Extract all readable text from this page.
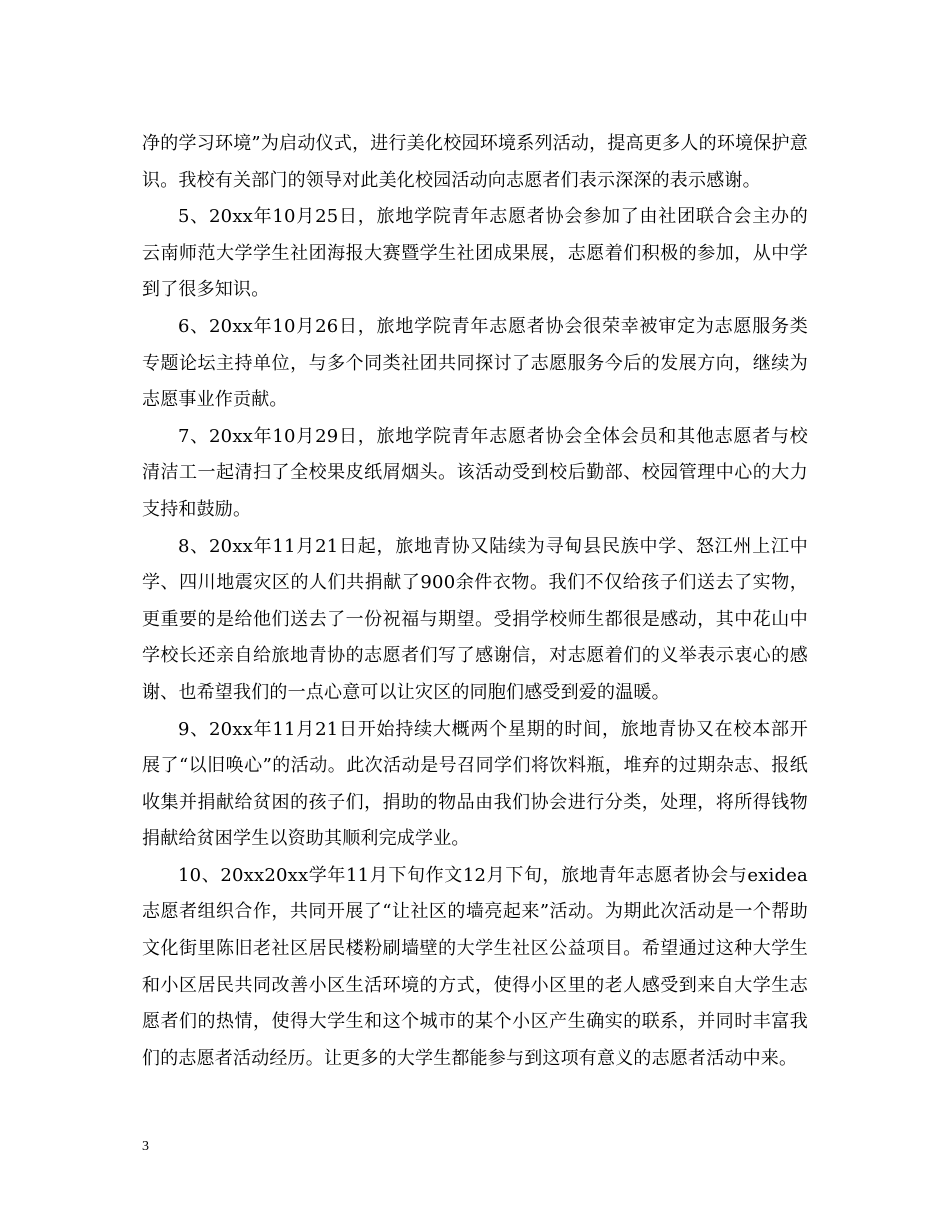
净的学习环境”为启动仪式，进行美化校园环境系列活动，提高更多人的环境保护意识。我校有关部门的领导对此美化校园活动向志愿者们表示深深的表示感谢。

5、20xx年10月25日，旅地学院青年志愿者协会参加了由社团联合会主办的云南师范大学学生社团海报大赛暨学生社团成果展，志愿着们积极的参加，从中学到了很多知识。

6、20xx年10月26日，旅地学院青年志愿者协会很荣幸被审定为志愿服务类专题论坛主持单位，与多个同类社团共同探讨了志愿服务今后的发展方向，继续为志愿事业作贡献。

7、20xx年10月29日，旅地学院青年志愿者协会全体会员和其他志愿者与校清洁工一起清扫了全校果皮纸屑烟头。该活动受到校后勤部、校园管理中心的大力支持和鼓励。

8、20xx年11月21日起，旅地青协又陆续为寻甸县民族中学、怒江州上江中学、四川地震灾区的人们共捐献了900余件衣物。我们不仅给孩子们送去了实物，更重要的是给他们送去了一份祝福与期望。受捐学校师生都很是感动，其中花山中学校长还亲自给旅地青协的志愿者们写了感谢信，对志愿着们的义举表示衷心的感谢、也希望我们的一点心意可以让灾区的同胞们感受到爱的温暖。

9、20xx年11月21日开始持续大概两个星期的时间，旅地青协又在校本部开展了“以旧唤心”的活动。此次活动是号召同学们将饮料瓶，堆弃的过期杂志、报纸收集并捐献给贫困的孩子们，捐助的物品由我们协会进行分类，处理，将所得钱物捐献给贫困学生以资助其顺利完成学业。

10、20xx20xx学年11月下旬作文12月下旬，旅地青年志愿者协会与exidea志愿者组织合作，共同开展了“让社区的墙亮起来”活动。为期此次活动是一个帮助文化街里陈旧老社区居民楼粉刷墙壁的大学生社区公益项目。希望通过这种大学生和小区居民共同改善小区生活环境的方式，使得小区里的老人感受到来自大学生志愿者们的热情，使得大学生和这个城市的某个小区产生确实的联系，并同时丰富我们的志愿者活动经历。让更多的大学生都能参与到这项有意义的志愿者活动中来。

3
